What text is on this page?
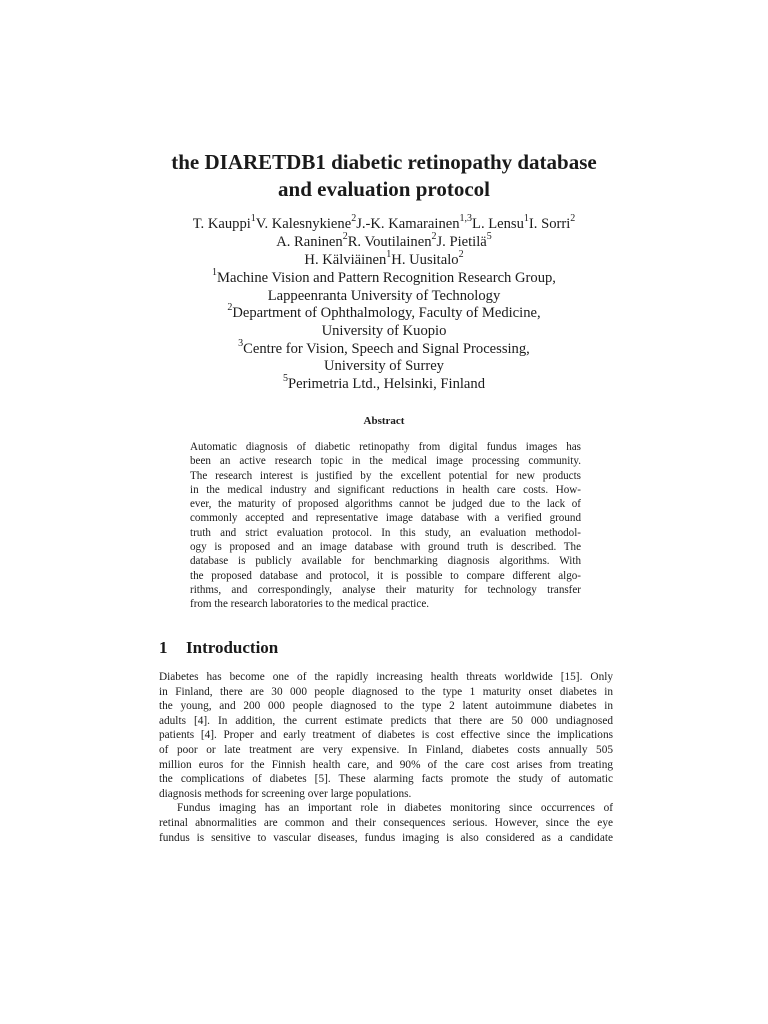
the DIARETDB1 diabetic retinopathy database
and evaluation protocol
T. Kauppi$^1$V. Kalesnykiene$^2$J.-K. Kamarainen$^{1,3}$L. Lensu$^1$I. Sorri$^2$
A. Raninen$^2$R. Voutilainen$^2$J. Pietilä$^5$
H. Kälviäinen$^1$H. Uusitalo$^2$
$^1$Machine Vision and Pattern Recognition Research Group,
Lappeenranta University of Technology
$^2$Department of Ophthalmology, Faculty of Medicine,
University of Kuopio
$^3$Centre for Vision, Speech and Signal Processing,
University of Surrey
$^5$Perimetria Ltd., Helsinki, Finland
Abstract
Automatic diagnosis of diabetic retinopathy from digital fundus images has
been an active research topic in the medical image processing community.
The research interest is justified by the excellent potential for new products
in the medical industry and significant reductions in health care costs. How-
ever, the maturity of proposed algorithms cannot be judged due to the lack of
commonly accepted and representative image database with a verified ground
truth and strict evaluation protocol. In this study, an evaluation methodol-
ogy is proposed and an image database with ground truth is described. The
database is publicly available for benchmarking diagnosis algorithms. With
the proposed database and protocol, it is possible to compare different algo-
rithms, and correspondingly, analyse their maturity for technology transfer
from the research laboratories to the medical practice.
1 Introduction
Diabetes has become one of the rapidly increasing health threats worldwide [15]. Only
in Finland, there are 30 000 people diagnosed to the type 1 maturity onset diabetes in
the young, and 200 000 people diagnosed to the type 2 latent autoimmune diabetes in
adults [4]. In addition, the current estimate predicts that there are 50 000 undiagnosed
patients [4]. Proper and early treatment of diabetes is cost effective since the implications
of poor or late treatment are very expensive. In Finland, diabetes costs annually 505
million euros for the Finnish health care, and 90% of the care cost arises from treating
the complications of diabetes [5]. These alarming facts promote the study of automatic
diagnosis methods for screening over large populations.
Fundus imaging has an important role in diabetes monitoring since occurrences of
retinal abnormalities are common and their consequences serious. However, since the eye
fundus is sensitive to vascular diseases, fundus imaging is also considered as a candidate
